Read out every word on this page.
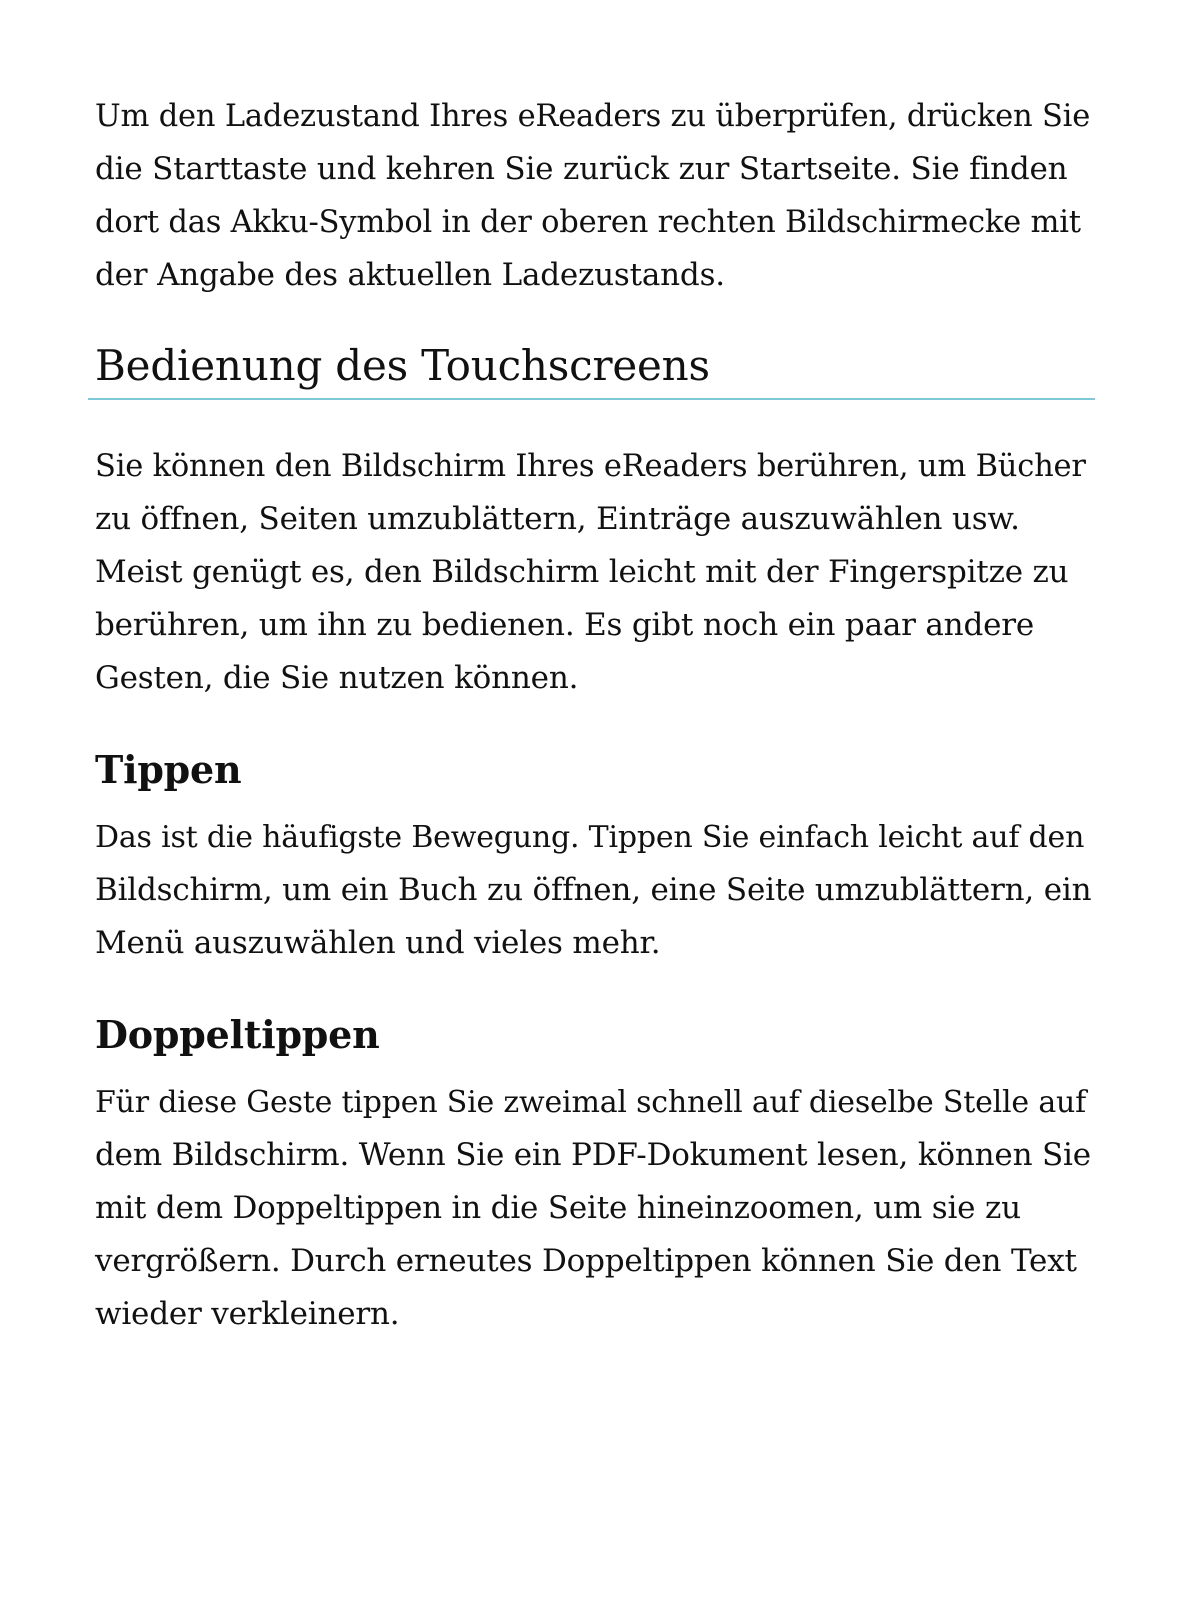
Um den Ladezustand Ihres eReaders zu überprüfen, drücken Sie
die Starttaste und kehren Sie zurück zur Startseite. Sie finden
dort das Akku-Symbol in der oberen rechten Bildschirmecke mit
der Angabe des aktuellen Ladezustands.

Bedienung des Touchscreens

Sie können den Bildschirm Ihres eReaders berühren, um Bücher
zu öffnen, Seiten umzublättern, Einträge auszuwählen usw.
Meist genügt es, den Bildschirm leicht mit der Fingerspitze zu
berühren, um ihn zu bedienen. Es gibt noch ein paar andere
Gesten, die Sie nutzen können.

Tippen

Das ist die häufigste Bewegung. Tippen Sie einfach leicht auf den
Bildschirm, um ein Buch zu öffnen, eine Seite umzublättern, ein
Menü auszuwählen und vieles mehr.

Doppeltippen

Für diese Geste tippen Sie zweimal schnell auf dieselbe Stelle auf
dem Bildschirm. Wenn Sie ein PDF-Dokument lesen, können Sie
mit dem Doppeltippen in die Seite hineinzoomen, um sie zu
vergrößern. Durch erneutes Doppeltippen können Sie den Text
wieder verkleinern.
